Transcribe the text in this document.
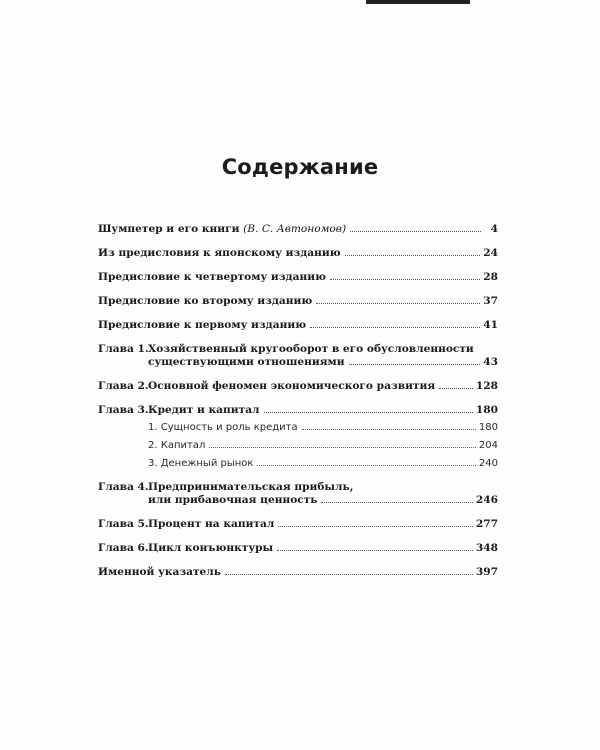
Содержание
Шумпетер и его книги (В. С. Автономов)	4
Из предисловия к японскому изданию	24
Предисловие к четвертому изданию	28
Предисловие ко второму изданию	37
Предисловие к первому изданию	41
Глава 1. Хозяйственный кругооборот в его обусловленности
существующими отношениями	43
Глава 2. Основной феномен экономического развития	128
Глава 3. Кредит и капитал	180
1. Сущность и роль кредита	180
2. Капитал	204
3. Денежный рынок	240
Глава 4. Предпринимательская прибыль,
или прибавочная ценность	246
Глава 5. Процент на капитал	277
Глава 6. Цикл конъюнктуры	348
Именной указатель	397
